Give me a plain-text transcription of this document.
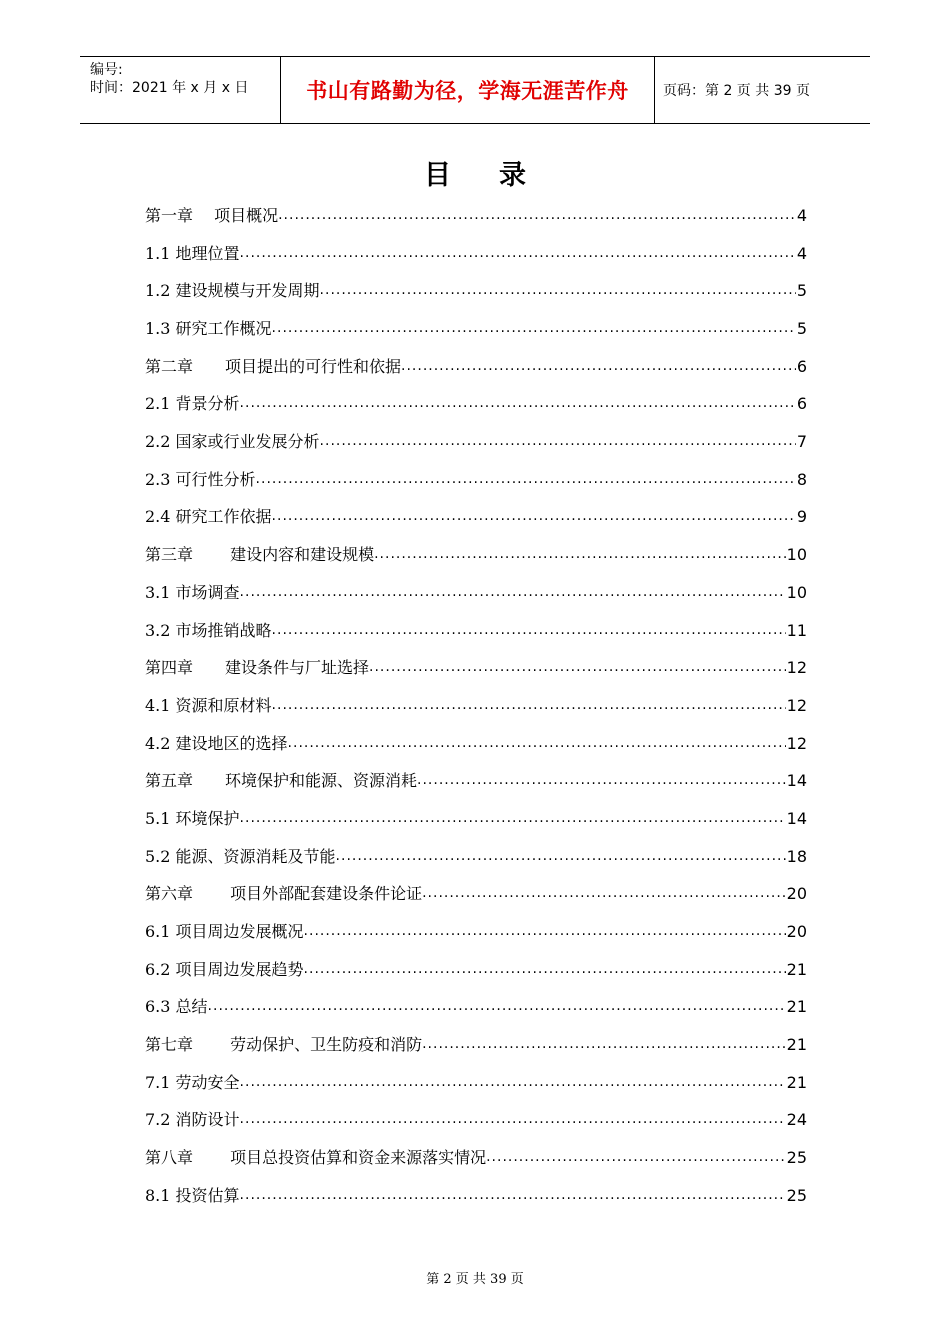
编号:
时间：2021 年 x 月 x 日	书山有路勤为径，学海无涯苦作舟	页码：第 2 页 共 39 页
目 录
第一章　 项目概况 .....	4
1.1 地理位置 .....	4
1.2 建设规模与开发周期 .....	5
1.3 研究工作概况 .....	5
第二章　　项目提出的可行性和依据 .....	6
2.1 背景分析 .....	6
2.2 国家或行业发展分析 .....	7
2.3 可行性分析 .....	8
2.4 研究工作依据 .....	9
第三章　　 建设内容和建设规模 .....	10
3.1 市场调查 .....	10
3.2 市场推销战略 .....	11
第四章　　建设条件与厂址选择 .....	12
4.1 资源和原材料 .....	12
4.2 建设地区的选择 .....	12
第五章　　环境保护和能源、资源消耗 .....	14
5.1 环境保护 .....	14
5.2 能源、资源消耗及节能 .....	18
第六章　　 项目外部配套建设条件论证 .....	20
6.1 项目周边发展概况 .....	20
6.2 项目周边发展趋势 .....	21
6.3 总结 .....	21
第七章　　 劳动保护、卫生防疫和消防 .....	21
7.1 劳动安全 .....	21
7.2 消防设计 .....	24
第八章　　 项目总投资估算和资金来源落实情况 .....	25
8.1 投资估算 .....	25
第 2 页 共 39 页
